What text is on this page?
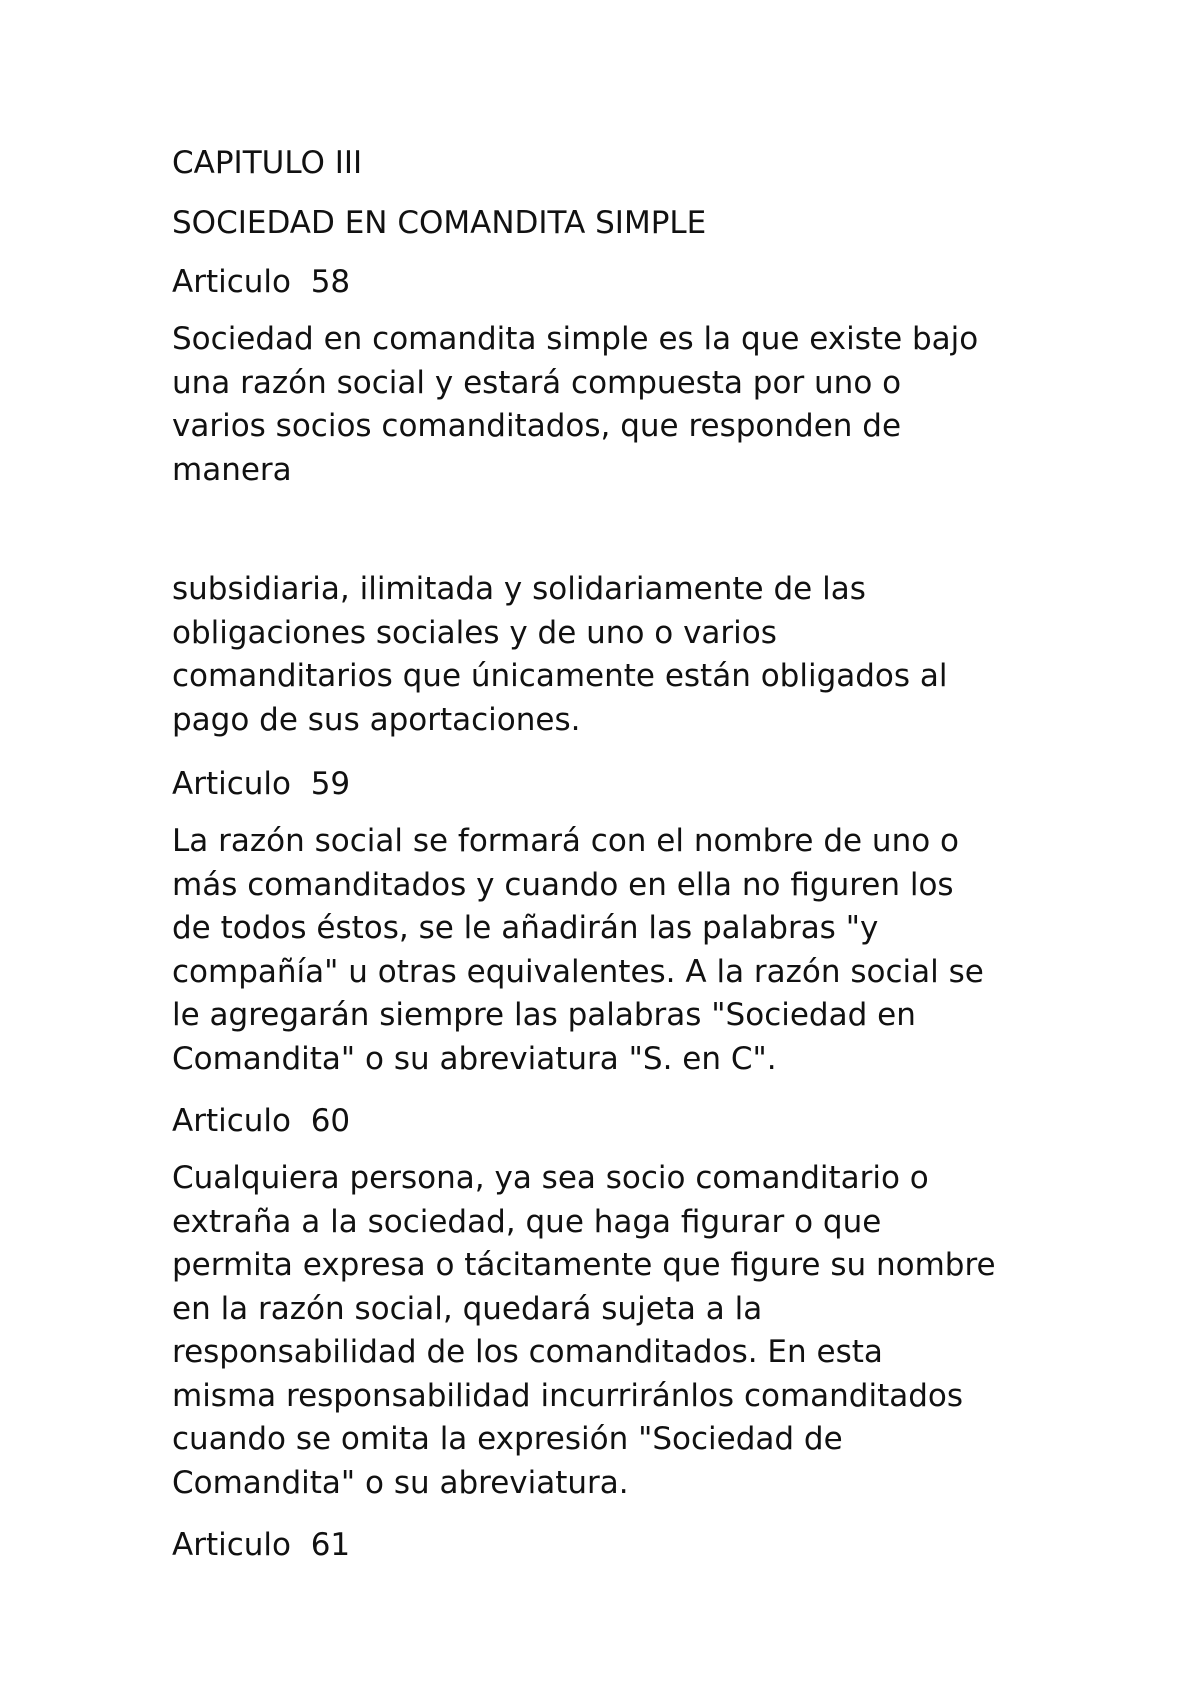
CAPITULO III

SOCIEDAD EN COMANDITA SIMPLE

Articulo  58

Sociedad en comandita simple es la que existe bajo
una razón social y estará compuesta por uno o
varios socios comanditados, que responden de
manera
subsidiaria, ilimitada y solidariamente de las
obligaciones sociales y de uno o varios
comanditarios que únicamente están obligados al
pago de sus aportaciones.

Articulo  59

La razón social se formará con el nombre de uno o
más comanditados y cuando en ella no figuren los
de todos éstos, se le añadirán las palabras "y
compañía" u otras equivalentes. A la razón social se
le agregarán siempre las palabras "Sociedad en
Comandita" o su abreviatura "S. en C".

Articulo  60

Cualquiera persona, ya sea socio comanditario o
extraña a la sociedad, que haga figurar o que
permita expresa o tácitamente que figure su nombre
en la razón social, quedará sujeta a la
responsabilidad de los comanditados. En esta
misma responsabilidad incurriránlos comanditados
cuando se omita la expresión "Sociedad de
Comandita" o su abreviatura.

Articulo  61
